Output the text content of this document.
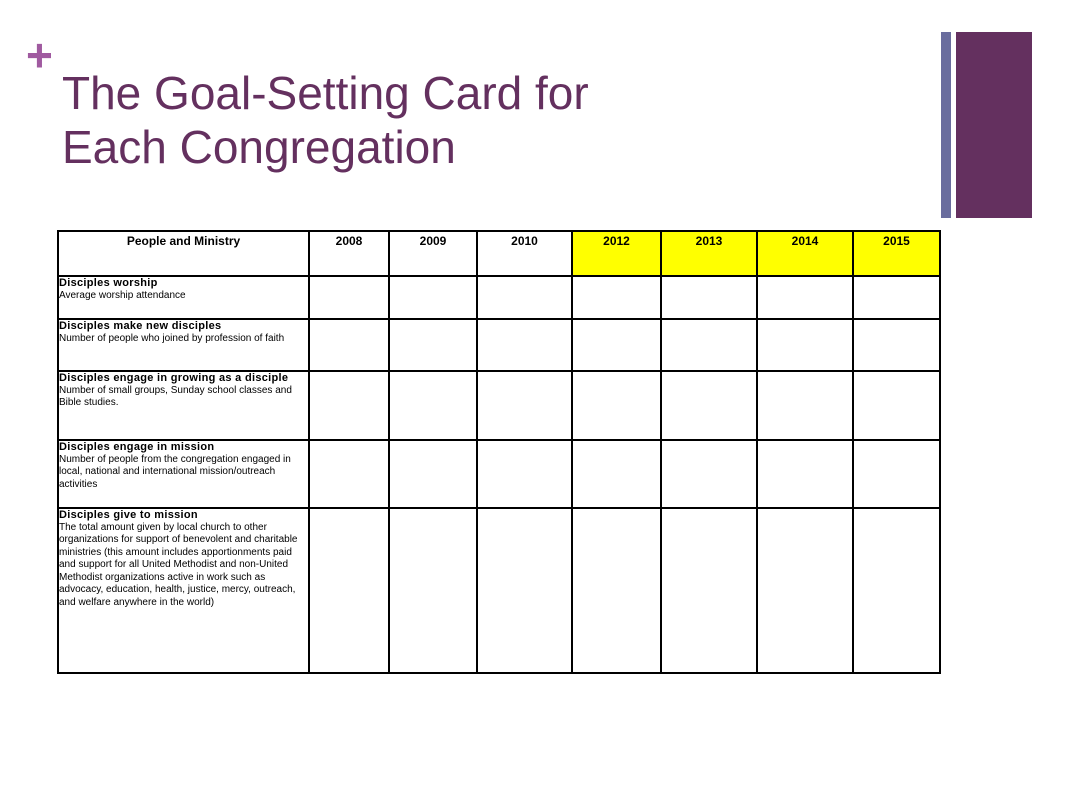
+
The Goal-Setting Card for
Each Congregation
People and Ministry	2008	2009	2010	2012	2013	2014	2015

Disciples worship
Average worship attendance							

Disciples make new disciples
Number of people who joined by profession of faith							

Disciples engage in growing as a disciple
Number of small groups, Sunday school classes and Bible studies.							

Disciples engage in mission
Number of people from the congregation engaged in local, national and international mission/outreach activities							

Disciples give to mission
The total amount given by local church to other organizations for support of benevolent and charitable ministries (this amount includes apportionments paid and support for all United Methodist and non-United Methodist organizations active in work such as advocacy, education, health, justice, mercy, outreach, and welfare anywhere in the world)							
